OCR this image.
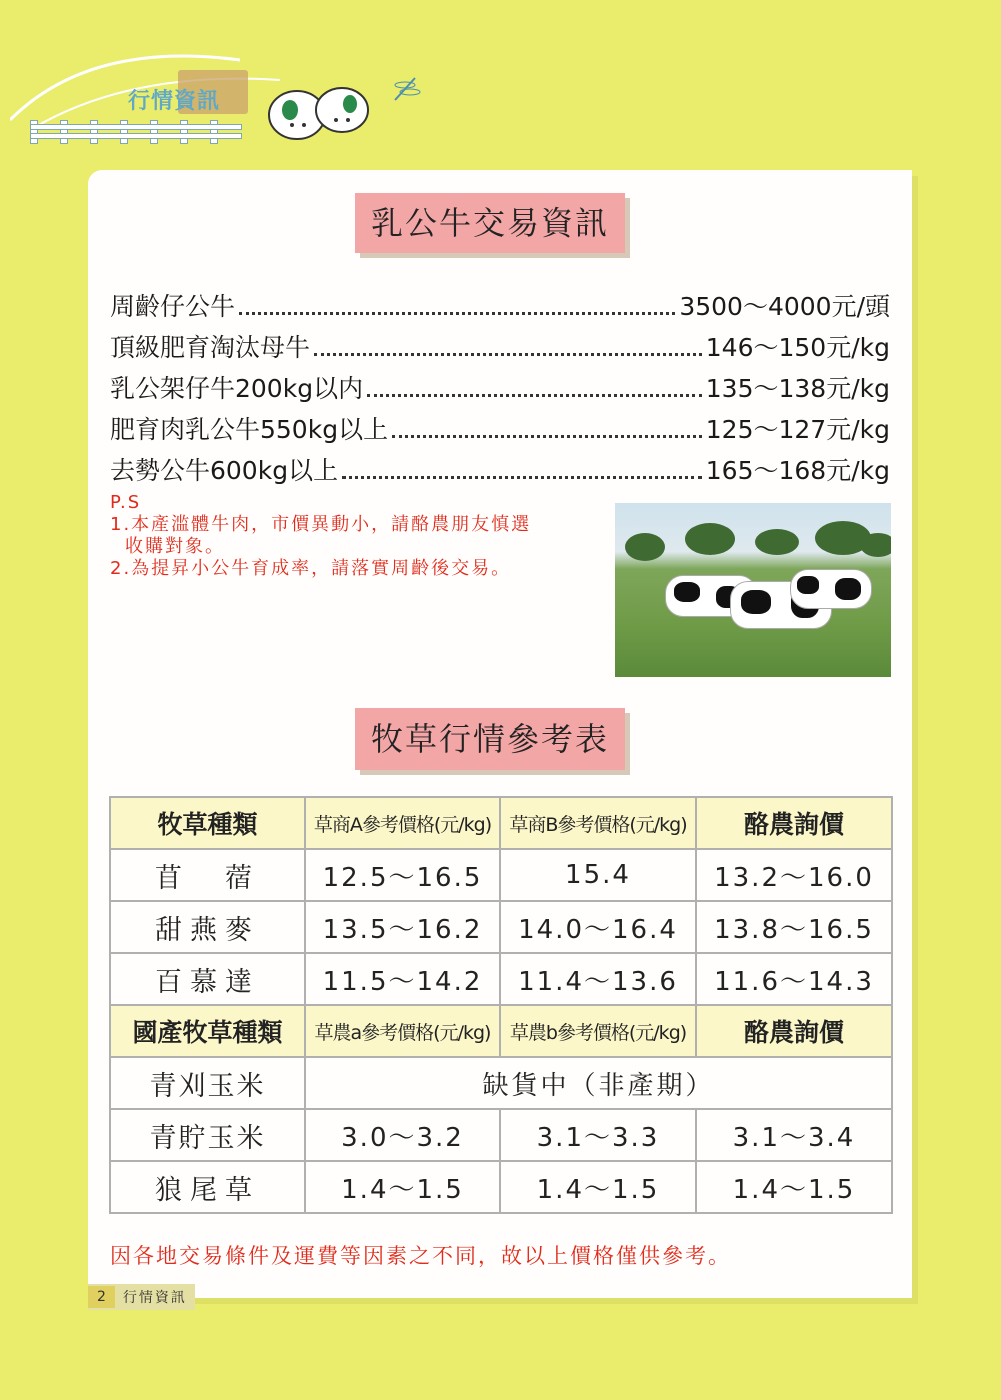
行情資訊
乳公牛交易資訊
周齡仔公牛	3500～4000元/頭
頂級肥育淘汰母牛	146～150元/kg
乳公架仔牛200kg以内	135～138元/kg
肥育肉乳公牛550kg以上	125～127元/kg
去勢公牛600kg以上	165～168元/kg
P.S
1.本產滥體牛肉，市價異動小，請酪農朋友慎選
收購對象。
2.為提昇小公牛育成率，請落實周齡後交易。
牧草行情參考表
牧草種類	草商A參考價格(元/kg)	草商B參考價格(元/kg)	酪農詢價
苜　蓿	12.5～16.5	15.4	13.2～16.0
甜燕麥	13.5～16.2	14.0～16.4	13.8～16.5
百慕達	11.5～14.2	11.4～13.6	11.6～14.3
國產牧草種類	草農a參考價格(元/kg)	草農b參考價格(元/kg)	酪農詢價
青刈玉米	缺貨中（非產期）		
青貯玉米	3.0～3.2	3.1～3.3	3.1～3.4
狼尾草	1.4～1.5	1.4～1.5	1.4～1.5
因各地交易條件及運費等因素之不同，故以上價格僅供參考。
2	行情資訊
